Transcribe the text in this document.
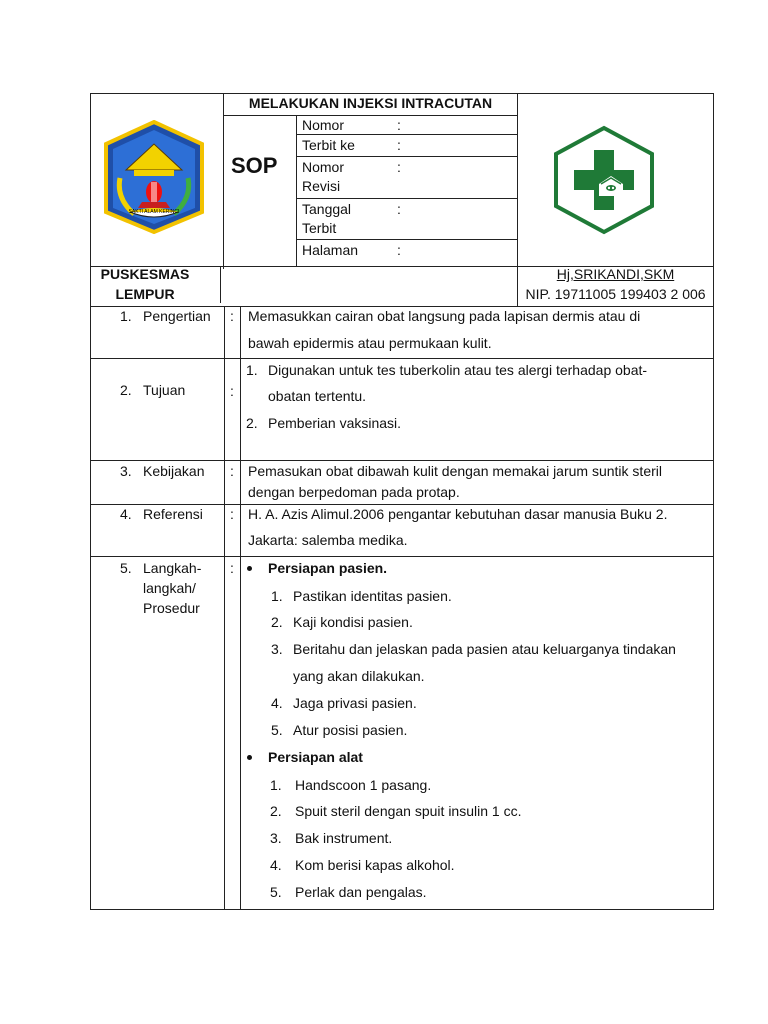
SAKTI ALAM KERINCI
MELAKUKAN INJEKSI INTRACUTAN
SOP
Nomor	:
Terbit ke	:
Nomor
Revisi
:
Tanggal
Terbit
:
Halaman	:
PUSKESMAS
LEMPUR
Hj,SRIKANDI,SKM
NIP. 19711005 199403 2 006
1. Pengertian : Memasukkan cairan obat langsung pada lapisan dermis atau di
bawah epidermis atau permukaan kulit.
2. Tujuan	:
1. Digunakan untuk tes tuberkolin atau tes alergi terhadap obat-
obatan tertentu.
2. Pemberian vaksinasi.
3. Kebijakan : Pemasukan obat dibawah kulit dengan memakai jarum suntik steril
dengan berpedoman pada protap.
4. Referensi : H. A. Azis Alimul.2006 pengantar kebutuhan dasar manusia Buku 2.
Jakarta: salemba medika.
5. Langkah-
langkah/
Prosedur
: Persiapan pasien.
1. Pastikan identitas pasien.
2. Kaji kondisi pasien.
3. Beritahu dan jelaskan pada pasien atau keluarganya tindakan
yang akan dilakukan.
4. Jaga privasi pasien.
5. Atur posisi pasien.
Persiapan alat
1. Handscoon 1 pasang.
2. Spuit steril dengan spuit insulin 1 cc.
3. Bak instrument.
4. Kom berisi kapas alkohol.
5. Perlak dan pengalas.
